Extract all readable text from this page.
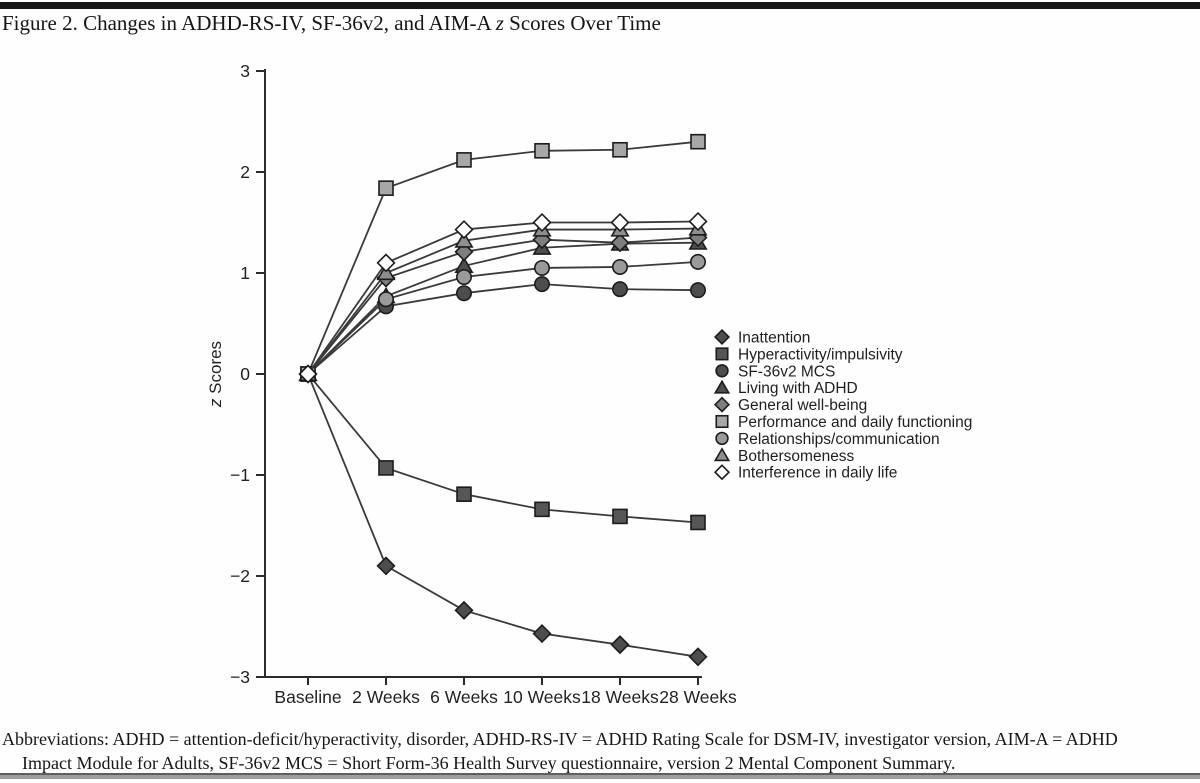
Figure 2. Changes in ADHD-RS-IV, SF-36v2, and AIM-A z Scores Over Time
3
2
1
0
−1
−2
−3
Baseline 2 Weeks 6 Weeks 10 Weeks 18 Weeks 28 Weeks
z Scores
Inattention
Hyperactivity/impulsivity
SF-36v2 MCS
Living with ADHD
General well-being
Performance and daily functioning
Relationships/communication
Bothersomeness
Interference in daily life
Abbreviations: ADHD = attention-deficit/hyperactivity, disorder, ADHD-RS-IV = ADHD Rating Scale for DSM-IV, investigator version, AIM-A = ADHD
Impact Module for Adults, SF-36v2 MCS = Short Form-36 Health Survey questionnaire, version 2 Mental Component Summary.
